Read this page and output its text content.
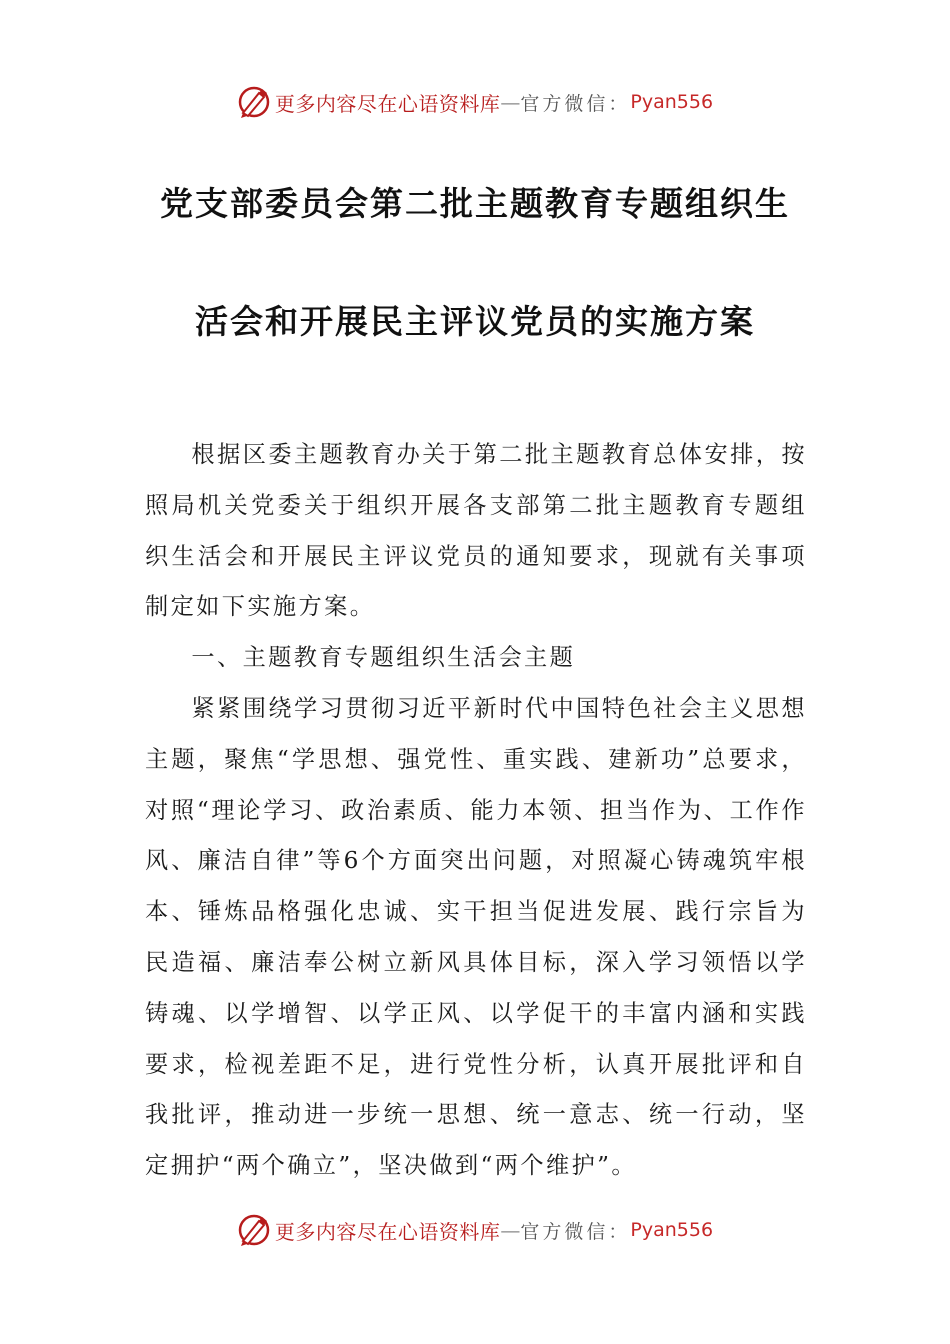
更多内容尽在心语资料库 — 官方微信： Pyan556
党支部委员会第二批主题教育专题组织生
活会和开展民主评议党员的实施方案

根据区委主题教育办关于第二批主题教育总体安排，按照局机关党委关于组织开展各支部第二批主题教育专题组织生活会和开展民主评议党员的通知要求，现就有关事项制定如下实施方案。

一、主题教育专题组织生活会主题

紧紧围绕学习贯彻习近平新时代中国特色社会主义思想主题，聚焦“学思想、强党性、重实践、建新功”总要求，对照“理论学习、政治素质、能力本领、担当作为、工作作风、廉洁自律”等6个方面突出问题，对照凝心铸魂筑牢根本、锤炼品格强化忠诚、实干担当促进发展、践行宗旨为民造福、廉洁奉公树立新风具体目标，深入学习领悟以学铸魂、以学增智、以学正风、以学促干的丰富内涵和实践要求，检视差距不足，进行党性分析，认真开展批评和自我批评，推动进一步统一思想、统一意志、统一行动，坚定拥护“两个确立”，坚决做到“两个维护”。

更多内容尽在心语资料库 — 官方微信： Pyan556
